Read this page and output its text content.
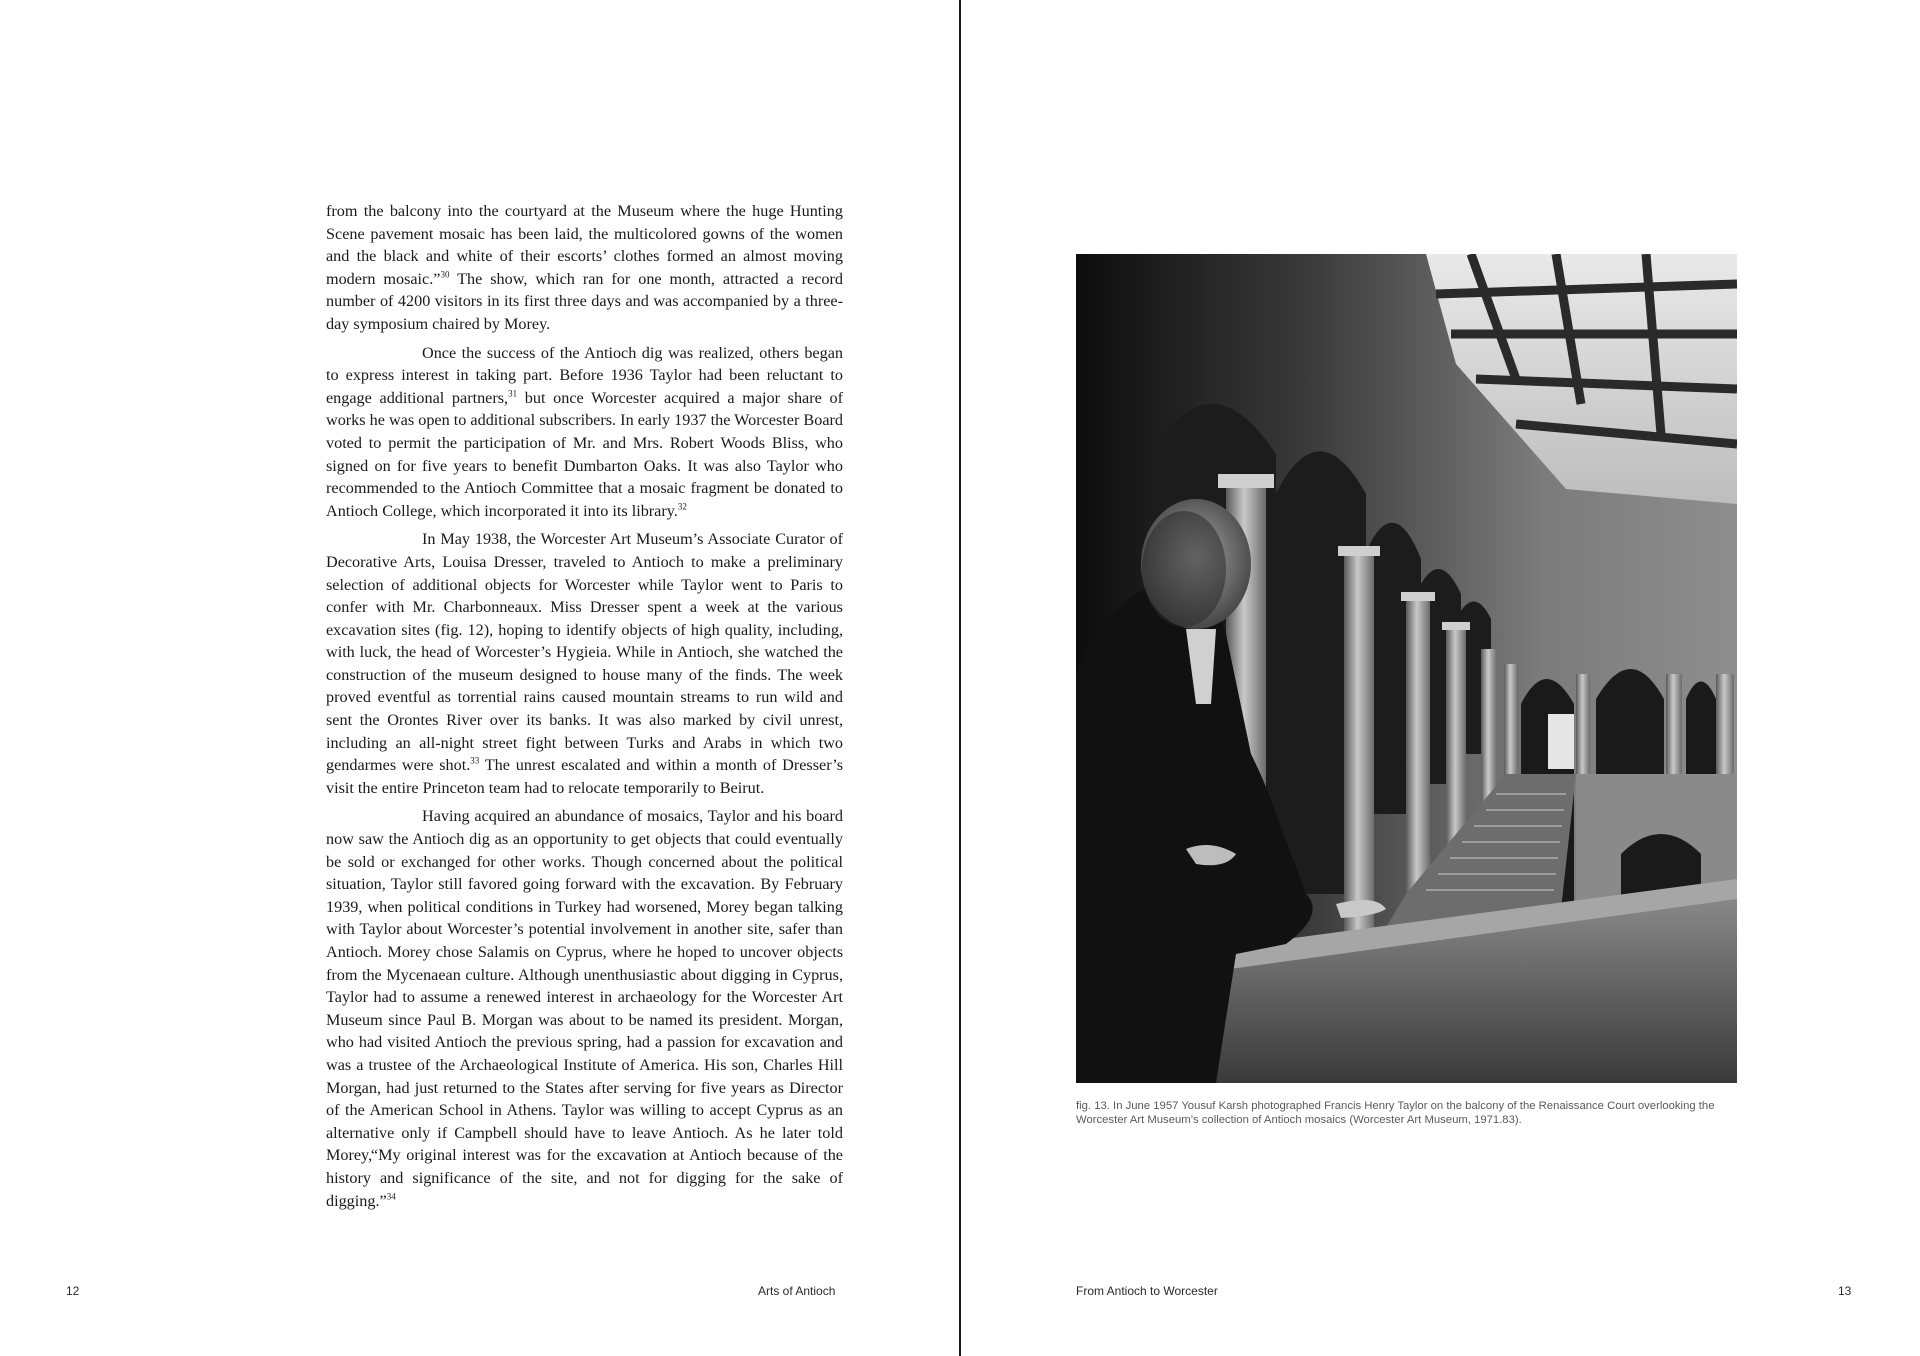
from the balcony into the courtyard at the Museum where the huge Hunting Scene pavement mosaic has been laid, the multicolored gowns of the women and the black and white of their escorts’ clothes formed an almost moving modern mosaic.”$^{30}$ The show, which ran for one month, attracted a record number of 4200 visitors in its first three days and was accompanied by a three-day symposium chaired by Morey.

Once the success of the Antioch dig was realized, others began to express interest in taking part. Before 1936 Taylor had been reluctant to engage additional partners,$^{31}$ but once Worcester acquired a major share of works he was open to additional subscribers. In early 1937 the Worcester Board voted to permit the participation of Mr. and Mrs. Robert Woods Bliss, who signed on for five years to benefit Dumbarton Oaks. It was also Taylor who recommended to the Antioch Committee that a mosaic fragment be donated to Antioch College, which incorporated it into its library.$^{32}$

In May 1938, the Worcester Art Museum’s Associate Curator of Decorative Arts, Louisa Dresser, traveled to Antioch to make a preliminary selection of additional objects for Worcester while Taylor went to Paris to confer with Mr. Charbonneaux. Miss Dresser spent a week at the various excavation sites (fig. 12), hoping to identify objects of high quality, including, with luck, the head of Worcester’s Hygieia. While in Antioch, she watched the construction of the museum designed to house many of the finds. The week proved eventful as torrential rains caused mountain streams to run wild and sent the Orontes River over its banks. It was also marked by civil unrest, including an all-night street fight between Turks and Arabs in which two gendarmes were shot.$^{33}$ The unrest escalated and within a month of Dresser’s visit the entire Princeton team had to relocate temporarily to Beirut.

Having acquired an abundance of mosaics, Taylor and his board now saw the Antioch dig as an opportunity to get objects that could eventually be sold or exchanged for other works. Though concerned about the political situation, Taylor still favored going forward with the excavation. By February 1939, when political conditions in Turkey had worsened, Morey began talking with Taylor about Worcester’s potential involvement in another site, safer than Antioch. Morey chose Salamis on Cyprus, where he hoped to uncover objects from the Mycenaean culture. Although unenthusiastic about digging in Cyprus, Taylor had to assume a renewed interest in archaeology for the Worcester Art Museum since Paul B. Morgan was about to be named its president. Morgan, who had visited Antioch the previous spring, had a passion for excavation and was a trustee of the Archaeological Institute of America. His son, Charles Hill Morgan, had just returned to the States after serving for five years as Director of the American School in Athens. Taylor was willing to accept Cyprus as an alternative only if Campbell should have to leave Antioch. As he later told Morey, “My original interest was for the excavation at Antioch because of the history and significance of the site, and not for digging for the sake of digging.”$^{34}$

12	Arts of Antioch
fig. 13. In June 1957 Yousuf Karsh photographed Francis Henry Taylor on the balcony of the Renaissance Court overlooking the Worcester Art Museum’s collection of Antioch mosaics (Worcester Art Museum, 1971.83).
From Antioch to Worcester	13
